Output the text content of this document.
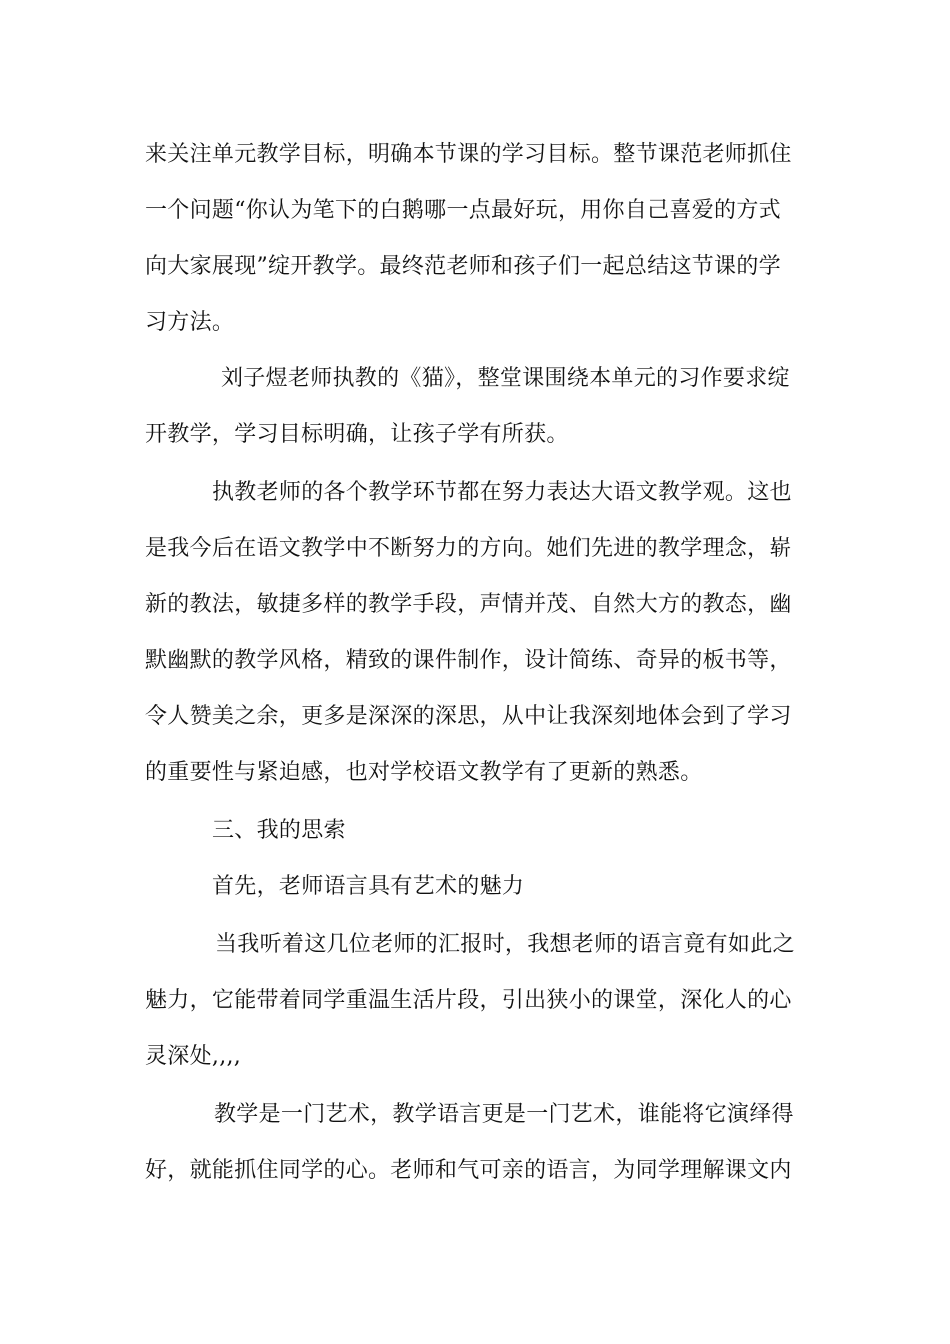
来关注单元教学目标，明确本节课的学习目标。整节课范老师抓住
一个问题“你认为笔下的白鹅哪一点最好玩，用你自己喜爱的方式
向大家展现”绽开教学。最终范老师和孩子们一起总结这节课的学
习方法。
刘子煜老师执教的《猫》，整堂课围绕本单元的习作要求绽
开教学，学习目标明确，让孩子学有所获。
执教老师的各个教学环节都在努力表达大语文教学观。这也
是我今后在语文教学中不断努力的方向。她们先进的教学理念，崭
新的教法，敏捷多样的教学手段，声情并茂、自然大方的教态，幽
默幽默的教学风格，精致的课件制作，设计简练、奇异的板书等，
令人赞美之余，更多是深深的深思，从中让我深刻地体会到了学习
的重要性与紧迫感，也对学校语文教学有了更新的熟悉。
三、我的思索
首先，老师语言具有艺术的魅力
当我听着这几位老师的汇报时，我想老师的语言竟有如此之
魅力，它能带着同学重温生活片段，引出狭小的课堂，深化人的心
灵深处,,,,
教学是一门艺术，教学语言更是一门艺术，谁能将它演绎得
好，就能抓住同学的心。老师和气可亲的语言，为同学理解课文内
